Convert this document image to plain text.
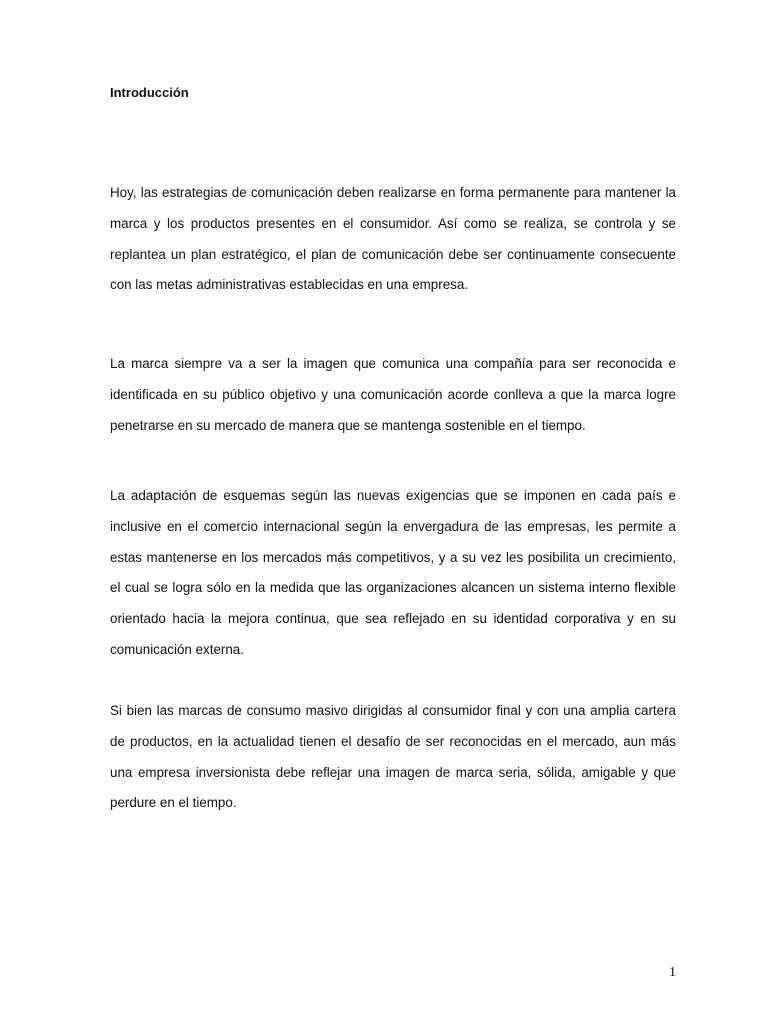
Introducción

Hoy, las estrategias de comunicación deben realizarse en forma permanente para mantener la marca y los productos presentes en el consumidor. Así como se realiza, se controla y se replantea un plan estratégico, el plan de comunicación debe ser continuamente consecuente con las metas administrativas establecidas en una empresa.

La marca siempre va a ser la imagen que comunica una compañía para ser reconocida e identificada en su público objetivo y una comunicación acorde conlleva a que la marca logre penetrarse en su mercado de manera que se mantenga sostenible en el tiempo.

La adaptación de esquemas según las nuevas exigencias que se imponen en cada país e inclusive en el comercio internacional según la envergadura de las empresas, les permite a estas mantenerse en los mercados más competitivos, y a su vez les posibilita un crecimiento, el cual se logra sólo en la medida que las organizaciones alcancen un sistema interno flexible orientado hacia la mejora continua, que sea reflejado en su identidad corporativa y en su comunicación externa.

Si bien las marcas de consumo masivo dirigidas al consumidor final y con una amplia cartera de productos, en la actualidad tienen el desafío de ser reconocidas en el mercado, aun más una empresa inversionista debe reflejar una imagen de marca seria, sólida, amigable y que perdure en el tiempo.

1
